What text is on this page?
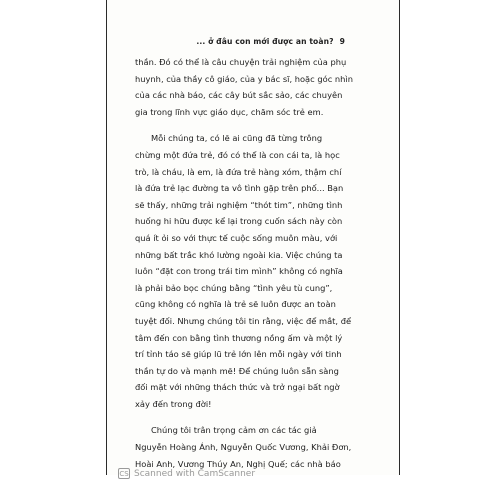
... ở đâu con mới được an toàn? 9
thần. Đó có thể là câu chuyện trải nghiệm của phụ
huynh, của thầy cô giáo, của y bác sĩ, hoặc góc nhìn
của các nhà báo, các cây bút sắc sảo, các chuyên
gia trong lĩnh vực giáo dục, chăm sóc trẻ em.
Mỗi chúng ta, có lẽ ai cũng đã từng trông
chừng một đứa trẻ, đó có thể là con cái ta, là học
trò, là cháu, là em, là đứa trẻ hàng xóm, thậm chí
là đứa trẻ lạc đường ta vô tình gặp trên phố... Bạn
sẽ thấy, những trải nghiệm “thót tim”, những tình
huống hi hữu được kể lại trong cuốn sách này còn
quá ít ỏi so với thực tế cuộc sống muôn màu, với
những bất trắc khó lường ngoài kia. Việc chúng ta
luôn “đặt con trong trái tim mình” không có nghĩa
là phải bảo bọc chúng bằng “tình yêu tù cung”,
cũng không có nghĩa là trẻ sẽ luôn được an toàn
tuyệt đối. Nhưng chúng tôi tin rằng, việc để mắt, để
tâm đến con bằng tình thương nồng ấm và một lý
trí tỉnh táo sẽ giúp lũ trẻ lớn lên mỗi ngày với tinh
thần tự do và mạnh mẽ! Để chúng luôn sẵn sàng
đối mặt với những thách thức và trở ngại bất ngờ
xảy đến trong đời!
Chúng tôi trân trọng cảm ơn các tác giả
Nguyễn Hoàng Ánh, Nguyễn Quốc Vương, Khải Đơn,
Hoài Anh, Vương Thúy An, Nghị Quế; các nhà báo
CS Scanned with CamScanner
